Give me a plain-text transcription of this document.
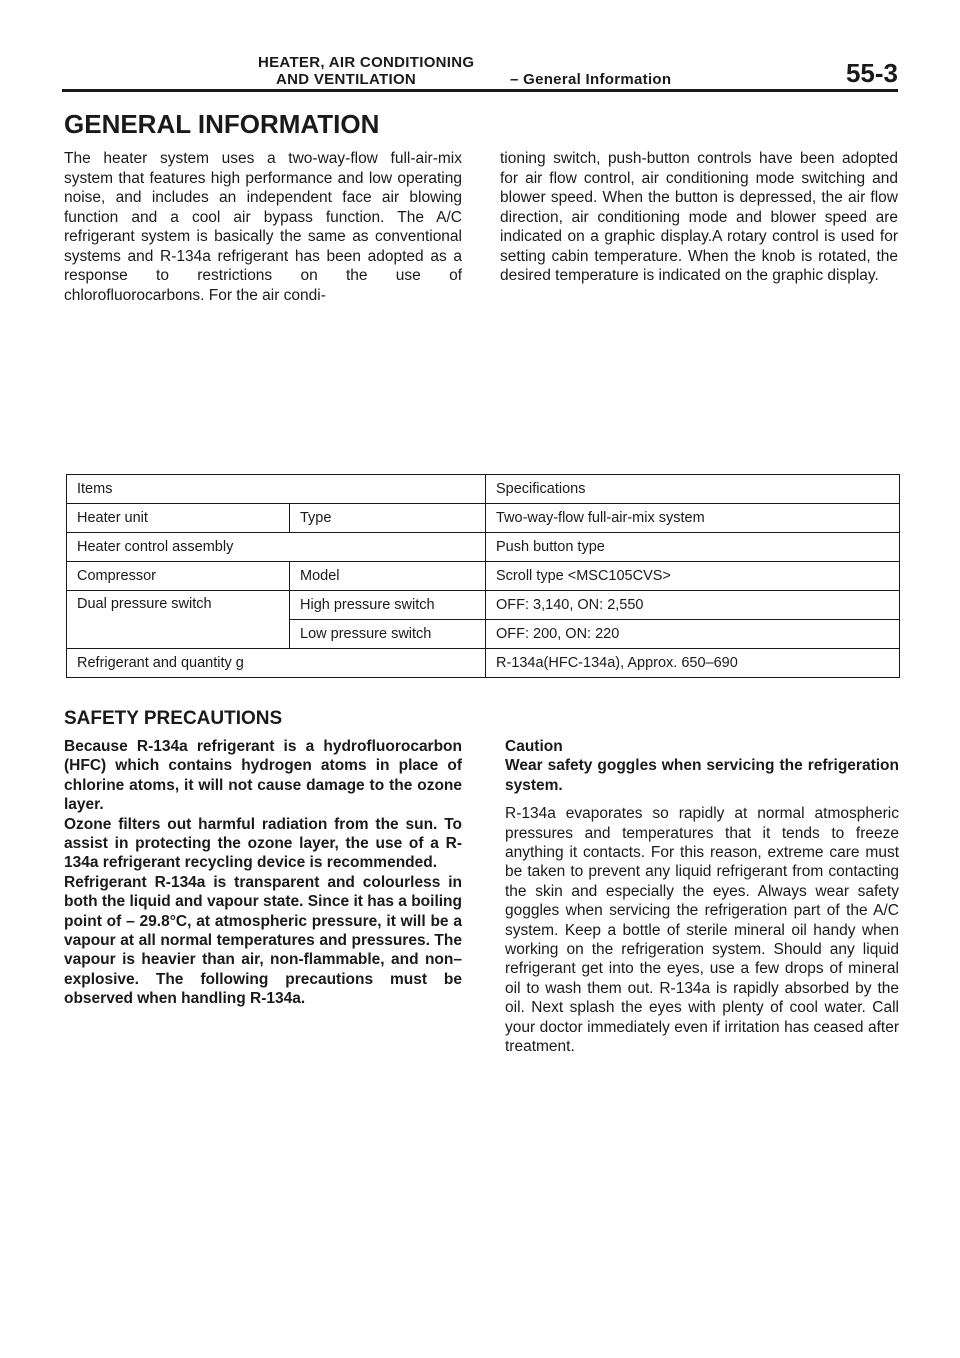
HEATER, AIR CONDITIONING
AND VENTILATION	– General Information	55-3
GENERAL INFORMATION

The heater system uses a two-way-flow full-air-mix system that features high performance and low operating noise, and includes an independent face air blowing function and a cool air bypass function. The A/C refrigerant system is basically the same as conventional systems and R-134a refrigerant has been adopted as a response to restrictions on the use of chlorofluorocarbons. For the air condi-

tioning switch, push-button controls have been adopted for air flow control, air conditioning mode switching and blower speed. When the button is depressed, the air flow direction, air conditioning mode and blower speed are indicated on a graphic display.A rotary control is used for setting cabin temperature. When the knob is rotated, the desired temperature is indicated on the graphic display.

Items		Specifications
Heater unit	Type	Two-way-flow full-air-mix system
Heater control assembly		Push button type
Compressor	Model	Scroll type <MSC105CVS>
Dual pressure switch	High pressure switch	OFF: 3,140, ON: 2,550
	Low pressure switch	OFF: 200, ON: 220
Refrigerant and quantity g		R-134a(HFC-134a), Approx. 650–690
SAFETY PRECAUTIONS

Because R-134a refrigerant is a hydrofluorocarbon (HFC) which contains hydrogen atoms in place of chlorine atoms, it will not cause damage to the ozone layer.

Ozone filters out harmful radiation from the sun. To assist in protecting the ozone layer, the use of a R-134a refrigerant recycling device is recommended.

Refrigerant R-134a is transparent and colourless in both the liquid and vapour state. Since it has a boiling point of – 29.8°C, at atmospheric pressure, it will be a vapour at all normal temperatures and pressures. The vapour is heavier than air, non-flammable, and non–explosive. The following precautions must be observed when handling R-134a.

Caution

Wear safety goggles when servicing the refrigeration system.

R-134a evaporates so rapidly at normal atmospheric pressures and temperatures that it tends to freeze anything it contacts. For this reason, extreme care must be taken to prevent any liquid refrigerant from contacting the skin and especially the eyes. Always wear safety goggles when servicing the refrigeration part of the A/C system. Keep a bottle of sterile mineral oil handy when working on the refrigeration system. Should any liquid refrigerant get into the eyes, use a few drops of mineral oil to wash them out. R-134a is rapidly absorbed by the oil. Next splash the eyes with plenty of cool water. Call your doctor immediately even if irritation has ceased after treatment.
